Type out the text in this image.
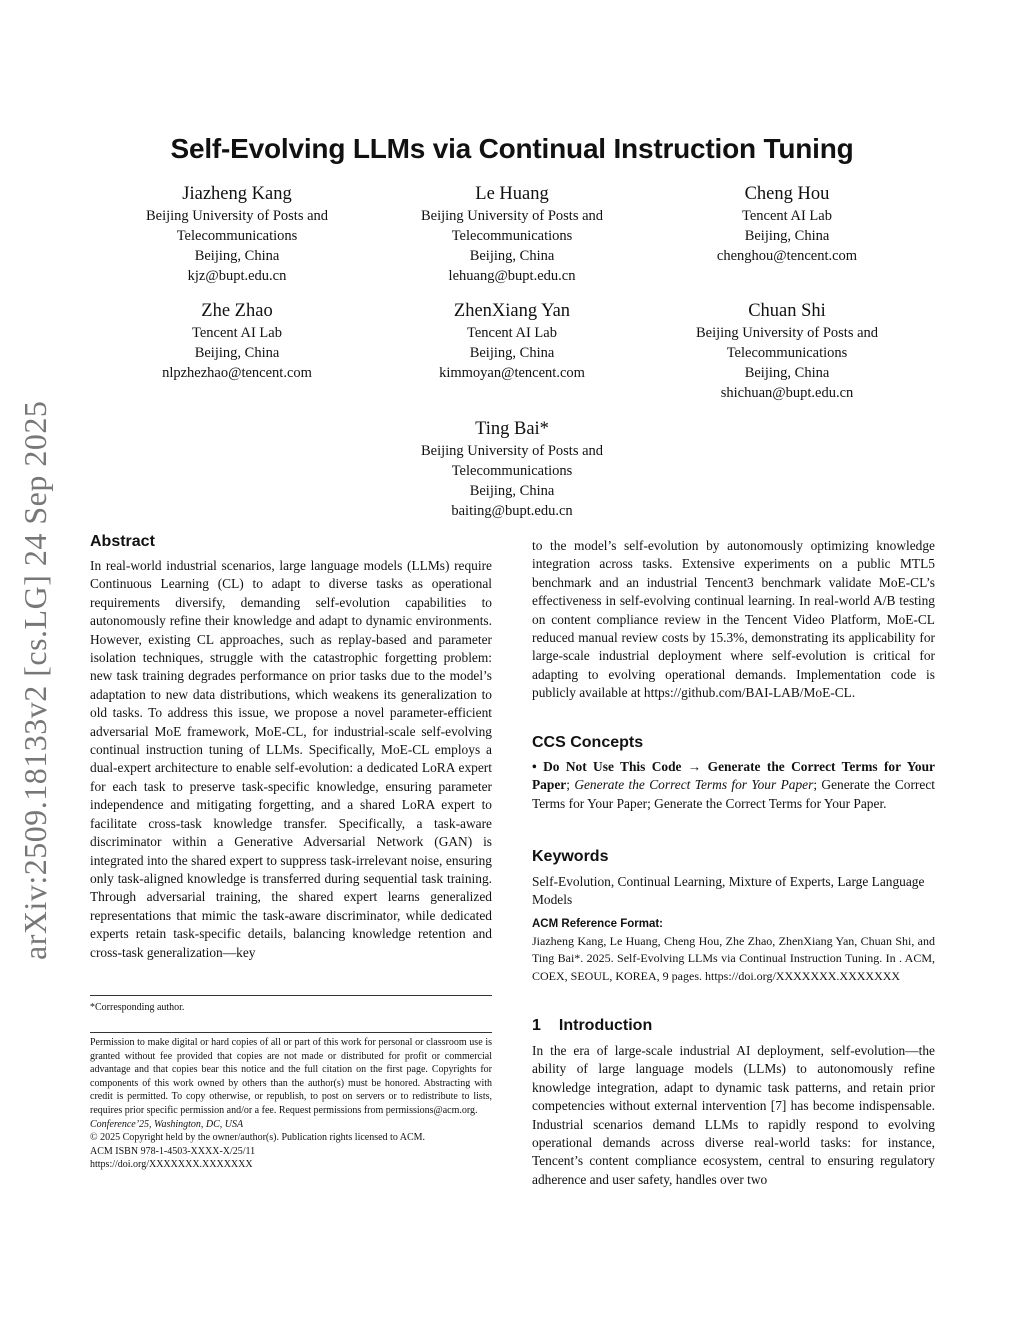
arXiv:2509.18133v2 [cs.LG] 24 Sep 2025
Self-Evolving LLMs via Continual Instruction Tuning
Jiazheng Kang
Beijing University of Posts and
Telecommunications
Beijing, China
kjz@bupt.edu.cn
Le Huang
Beijing University of Posts and
Telecommunications
Beijing, China
lehuang@bupt.edu.cn
Cheng Hou
Tencent AI Lab
Beijing, China
chenghou@tencent.com
Zhe Zhao
Tencent AI Lab
Beijing, China
nlpzhezhao@tencent.com
ZhenXiang Yan
Tencent AI Lab
Beijing, China
kimmoyan@tencent.com
Chuan Shi
Beijing University of Posts and
Telecommunications
Beijing, China
shichuan@bupt.edu.cn
Ting Bai*
Beijing University of Posts and
Telecommunications
Beijing, China
baiting@bupt.edu.cn
Abstract
In real-world industrial scenarios, large language models (LLMs) require Continuous Learning (CL) to adapt to diverse tasks as operational requirements diversify, demanding self-evolution capabilities to autonomously refine their knowledge and adapt to dynamic environments. However, existing CL approaches, such as replay-based and parameter isolation techniques, struggle with the catastrophic forgetting problem: new task training degrades performance on prior tasks due to the model’s adaptation to new data distributions, which weakens its generalization to old tasks. To address this issue, we propose a novel parameter-efficient adversarial MoE framework, MoE-CL, for industrial-scale self-evolving continual instruction tuning of LLMs. Specifically, MoE-CL employs a dual-expert architecture to enable self-evolution: a dedicated LoRA expert for each task to preserve task-specific knowledge, ensuring parameter independence and mitigating forgetting, and a shared LoRA expert to facilitate cross-task knowledge transfer. Specifically, a task-aware discriminator within a Generative Adversarial Network (GAN) is integrated into the shared expert to suppress task-irrelevant noise, ensuring only task-aligned knowledge is transferred during sequential task training. Through adversarial training, the shared expert learns generalized representations that mimic the task-aware discriminator, while dedicated experts retain task-specific details, balancing knowledge retention and cross-task generalization—key
*Corresponding author.
Permission to make digital or hard copies of all or part of this work for personal or classroom use is granted without fee provided that copies are not made or distributed for profit or commercial advantage and that copies bear this notice and the full citation on the first page. Copyrights for components of this work owned by others than the author(s) must be honored. Abstracting with credit is permitted. To copy otherwise, or republish, to post on servers or to redistribute to lists, requires prior specific permission and/or a fee. Request permissions from permissions@acm.org.
Conference’25, Washington, DC, USA
© 2025 Copyright held by the owner/author(s). Publication rights licensed to ACM.
ACM ISBN 978-1-4503-XXXX-X/25/11
https://doi.org/XXXXXXX.XXXXXXX
to the model’s self-evolution by autonomously optimizing knowledge integration across tasks. Extensive experiments on a public MTL5 benchmark and an industrial Tencent3 benchmark validate MoE-CL’s effectiveness in self-evolving continual learning. In real-world A/B testing on content compliance review in the Tencent Video Platform, MoE-CL reduced manual review costs by 15.3%, demonstrating its applicability for large-scale industrial deployment where self-evolution is critical for adapting to evolving operational demands. Implementation code is publicly available at https://github.com/BAI-LAB/MoE-CL.
CCS Concepts
• Do Not Use This Code → Generate the Correct Terms for Your Paper; Generate the Correct Terms for Your Paper; Generate the Correct Terms for Your Paper; Generate the Correct Terms for Your Paper.
Keywords
Self-Evolution, Continual Learning, Mixture of Experts, Large Language Models
ACM Reference Format:
Jiazheng Kang, Le Huang, Cheng Hou, Zhe Zhao, ZhenXiang Yan, Chuan Shi, and Ting Bai*. 2025. Self-Evolving LLMs via Continual Instruction Tuning. In . ACM, COEX, SEOUL, KOREA, 9 pages. https://doi.org/XXXXXXX.XXXXXXX
1 Introduction
In the era of large-scale industrial AI deployment, self-evolution—the ability of large language models (LLMs) to autonomously refine knowledge integration, adapt to dynamic task patterns, and retain prior competencies without external intervention [7] has become indispensable. Industrial scenarios demand LLMs to rapidly respond to evolving operational demands across diverse real-world tasks: for instance, Tencent’s content compliance ecosystem, central to ensuring regulatory adherence and user safety, handles over two
